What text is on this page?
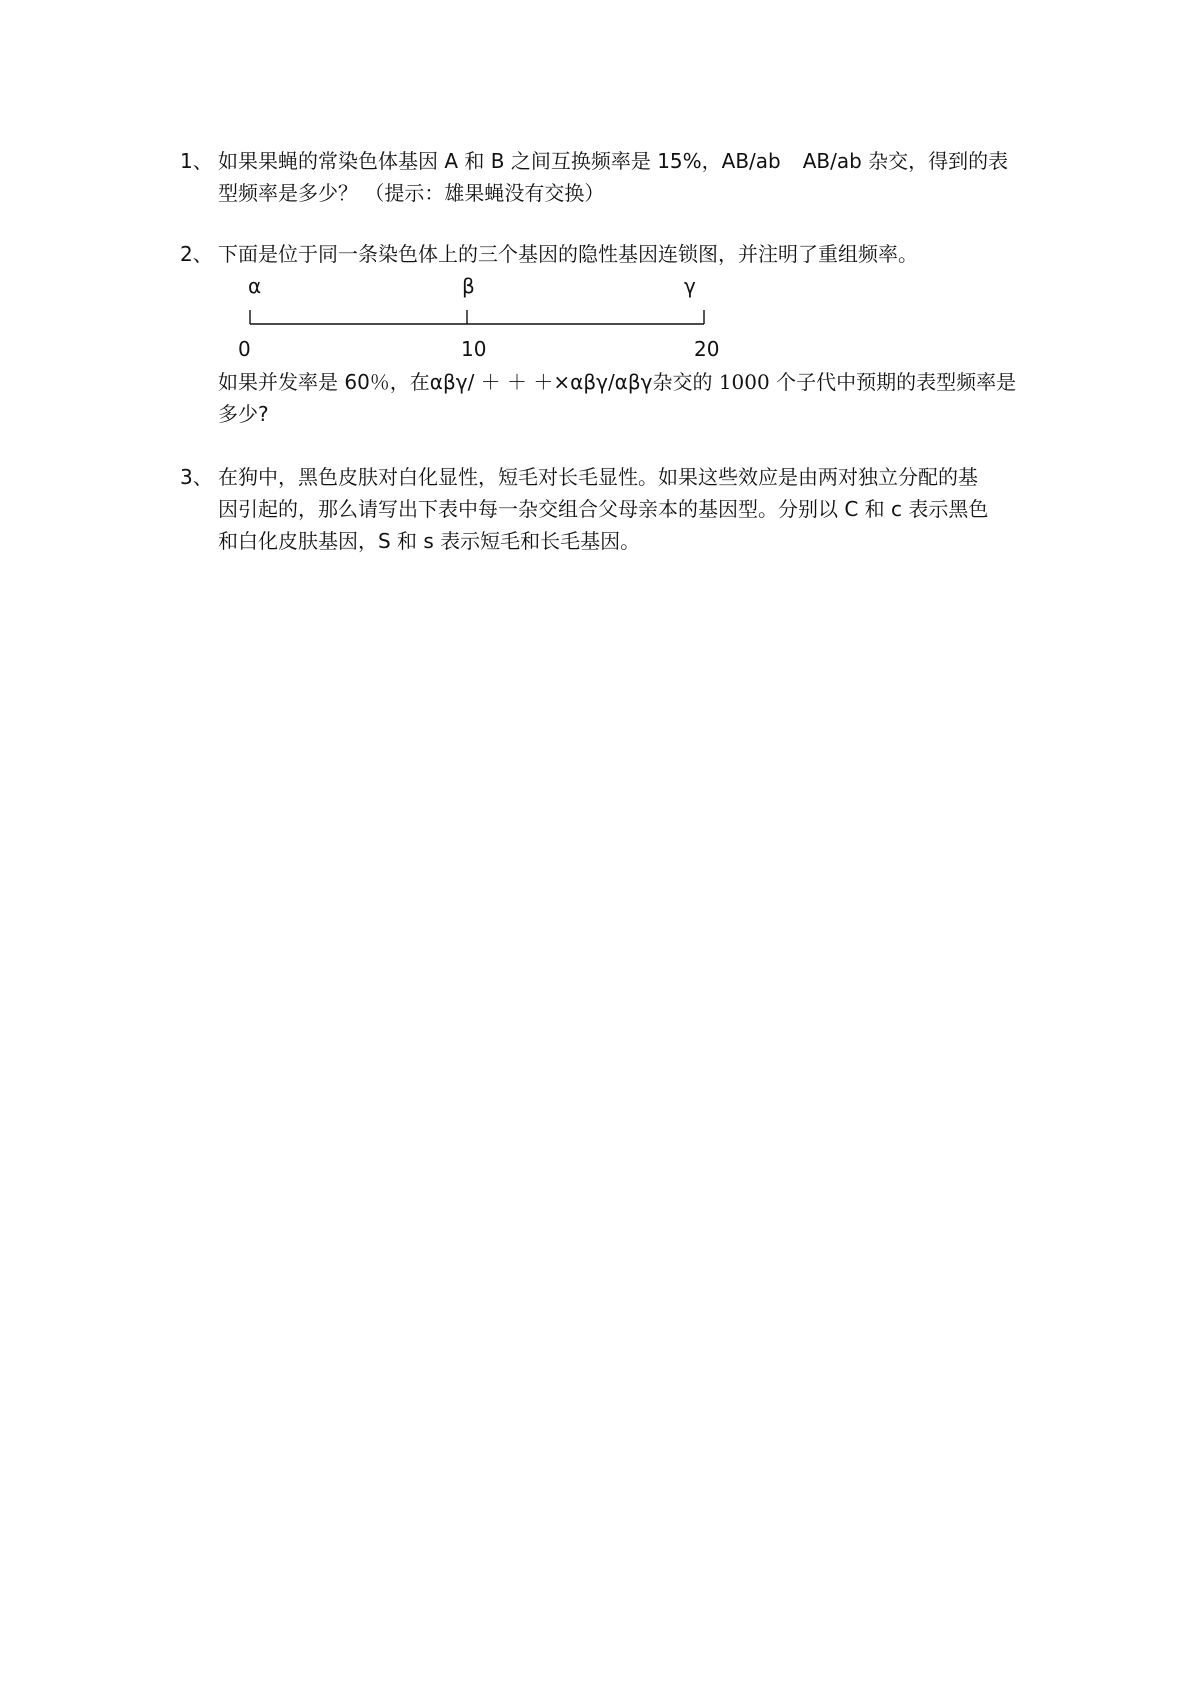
1、 如果果蝇的常染色体基因 A 和 B 之间互换频率是 15%，AB/ab AB/ab 杂交，得到的表
型频率是多少？ （提示：雄果蝇没有交换）
2、 下面是位于同一条染色体上的三个基因的隐性基因连锁图，并注明了重组频率。
α	β	γ
0	10	20
如果并发率是 60％，在αβγ/ ＋ ＋ ＋×αβγ/αβγ杂交的 1000 个子代中预期的表型频率是
多少?
3、 在狗中，黑色皮肤对白化显性，短毛对长毛显性。如果这些效应是由两对独立分配的基
因引起的，那么请写出下表中每一杂交组合父母亲本的基因型。分别以 C 和 c 表示黑色
和白化皮肤基因，S 和 s 表示短毛和长毛基因。
